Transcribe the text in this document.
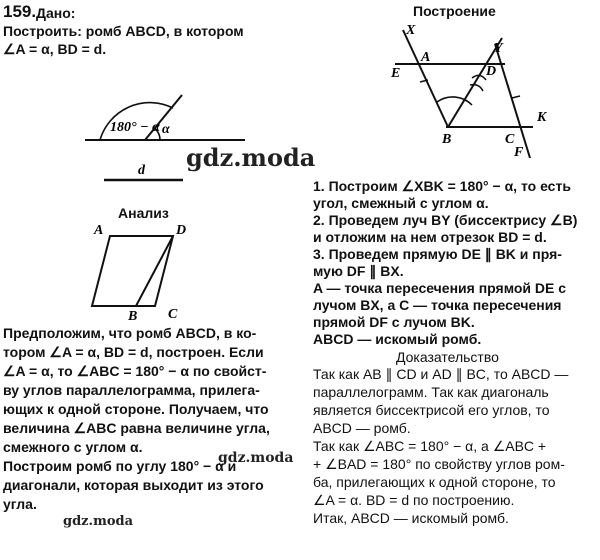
159. Дано:
Построить: ромб ABCD, в котором
∠A = α, BD = d.
Построение
180° − α α
d
A	D
B C
X
Y
E
A
D
B	C
K
F
gdz.moda
gdz.moda
gdz.moda
Анализ
Предположим, что ромб ABCD, в ко-
тором ∠A = α, BD = d, построен. Если
∠A = α, то ∠ABC = 180° − α по свойст-
ву углов параллелограмма, прилега-
ющих к одной стороне. Получаем, что
величина ∠ABC равна величине угла,
смежного с углом α.
Построим ромб по углу 180° − α и
диагонали, которая выходит из этого
угла.
1. Построим ∠XBK = 180° − α, то есть
угол, смежный с углом α.
2. Проведем луч BY (биссектрису ∠B)
и отложим на нем отрезок BD = d.
3. Проведем прямую DE ∥ BK и пря-
мую DF ∥ BX.
A — точка пересечения прямой DE с
лучом BX, а C — точка пересечения
прямой DF с лучом BK.
ABCD — искомый ромб.
Доказательство
Так как AB ∥ CD и AD ∥ BC, то ABCD —
параллелограмм. Так как диагональ
является биссектрисой его углов, то
ABCD — ромб.
Так как ∠ABC = 180° − α, а ∠ABC +
+ ∠BAD = 180° по свойству углов ром-
ба, прилегающих к одной стороне, то
∠A = α. BD = d по построению.
Итак, ABCD — искомый ромб.
